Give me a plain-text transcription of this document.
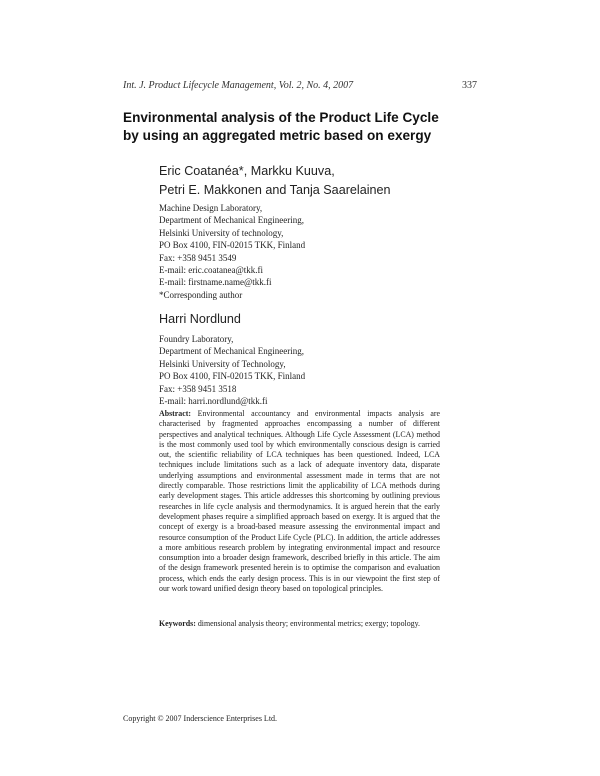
Int. J. Product Lifecycle Management, Vol. 2, No. 4, 2007	337
Environmental analysis of the Product Life Cycle
by using an aggregated metric based on exergy
Eric Coatanéa*, Markku Kuuva,
Petri E. Makkonen and Tanja Saarelainen
Machine Design Laboratory,
Department of Mechanical Engineering,
Helsinki University of technology,
PO Box 4100, FIN-02015 TKK, Finland
Fax: +358 9451 3549
E-mail: eric.coatanea@tkk.fi
E-mail: firstname.name@tkk.fi
*Corresponding author
Harri Nordlund
Foundry Laboratory,
Department of Mechanical Engineering,
Helsinki University of Technology,
PO Box 4100, FIN-02015 TKK, Finland
Fax: +358 9451 3518
E-mail: harri.nordlund@tkk.fi
Abstract: Environmental accountancy and environmental impacts analysis are characterised by fragmented approaches encompassing a number of different perspectives and analytical techniques. Although Life Cycle Assessment (LCA) method is the most commonly used tool by which environmentally conscious design is carried out, the scientific reliability of LCA techniques has been questioned. Indeed, LCA techniques include limitations such as a lack of adequate inventory data, disparate underlying assumptions and environmental assessment made in terms that are not directly comparable. Those restrictions limit the applicability of LCA methods during early development stages. This article addresses this shortcoming by outlining previous researches in life cycle analysis and thermodynamics. It is argued herein that the early development phases require a simplified approach based on exergy. It is argued that the concept of exergy is a broad-based measure assessing the environmental impact and resource consumption of the Product Life Cycle (PLC). In addition, the article addresses a more ambitious research problem by integrating environmental impact and resource consumption into a broader design framework, described briefly in this article. The aim of the design framework presented herein is to optimise the comparison and evaluation process, which ends the early design process. This is in our viewpoint the first step of our work toward unified design theory based on topological principles.
Keywords: dimensional analysis theory; environmental metrics; exergy; topology.
Copyright © 2007 Inderscience Enterprises Ltd.
